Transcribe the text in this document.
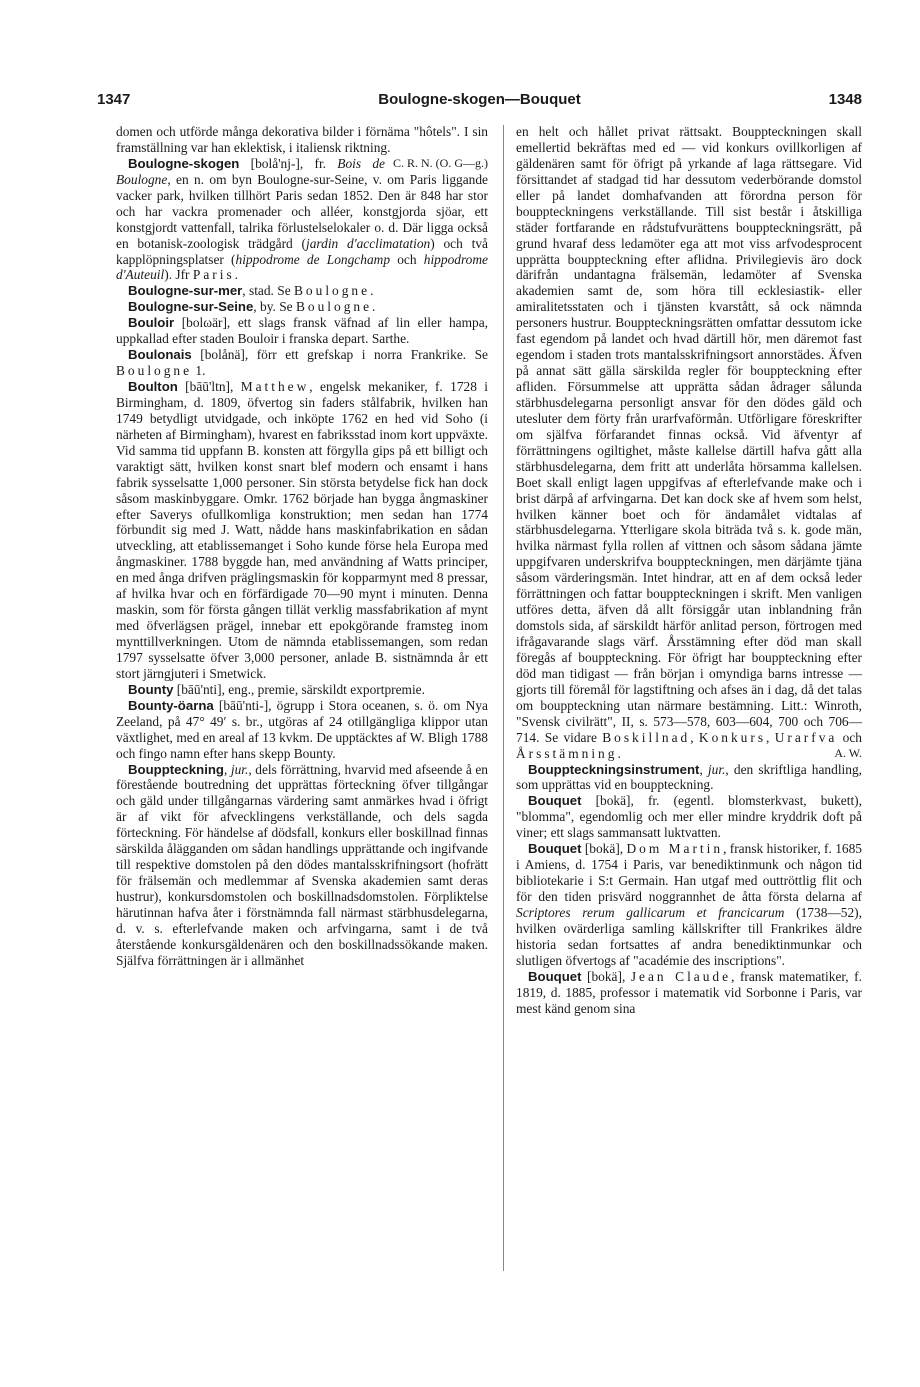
1347	Boulogne-skogen—Bouquet	1348

domen och utförde många dekorativa bilder i förnäma "hôtels". I sin framställning var han eklektisk, i italiensk riktning.
C. R. N. (O. G—g.)

Boulogne-skogen [bolå'nj-], fr. Bois de Boulogne, en n. om byn Boulogne-sur-Seine, v. om Paris liggande vacker park, hvilken tillhört Paris sedan 1852. Den är 848 har stor och har vackra promenader och alléer, konstgjorda sjöar, ett konstgjordt vattenfall, talrika förlustelselokaler o. d. Där ligga också en botanisk-zoologisk trädgård (jardin d'acclimatation) och två kapplöpningsplatser (hippodrome de Longchamp och hippodrome d'Auteuil). Jfr Paris.

Boulogne-sur-mer, stad. Se Boulogne.

Boulogne-sur-Seine, by. Se Boulogne.

Bouloir [bolωär], ett slags fransk väfnad af lin eller hampa, uppkallad efter staden Bouloir i franska depart. Sarthe.

Boulonais [bolånä], förr ett grefskap i norra Frankrike. Se Boulogne 1.

Boulton [bāū'ltn], Matthew, engelsk mekaniker, f. 1728 i Birmingham, d. 1809, öfvertog sin faders stålfabrik, hvilken han 1749 betydligt utvidgade, och inköpte 1762 en hed vid Soho (i närheten af Birmingham), hvarest en fabriksstad inom kort uppväxte. Vid samma tid uppfann B. konsten att förgylla gips på ett billigt och varaktigt sätt, hvilken konst snart blef modern och ensamt i hans fabrik sysselsatte 1,000 personer. Sin största betydelse fick han dock såsom maskinbyggare. Omkr. 1762 började han bygga ångmaskiner efter Saverys ofullkomliga konstruktion; men sedan han 1774 förbundit sig med J. Watt, nådde hans maskinfabrikation en sådan utveckling, att etablissemanget i Soho kunde förse hela Europa med ångmaskiner. 1788 byggde han, med användning af Watts principer, en med ånga drifven präglingsmaskin för kopparmynt med 8 pressar, af hvilka hvar och en förfärdigade 70—90 mynt i minuten. Denna maskin, som för första gången tillät verklig massfabrikation af mynt med öfverlägsen prägel, innebar ett epokgörande framsteg inom mynttillverkningen. Utom de nämnda etablissemangen, som redan 1797 sysselsatte öfver 3,000 personer, anlade B. sistnämnda år ett stort järngjuteri i Smetwick.

Bounty [bāū'nti], eng., premie, särskildt exportpremie.

Bounty-öarna [bāū'nti-], ögrupp i Stora oceanen, s. ö. om Nya Zeeland, på 47° 49′ s. br., utgöras af 24 otillgängliga klippor utan växtlighet, med en areal af 13 kvkm. De upptäcktes af W. Bligh 1788 och fingo namn efter hans skepp Bounty.

Bouppteckning, jur., dels förrättning, hvarvid med afseende å en förestående boutredning det upprättas förteckning öfver tillgångar och gäld under tillgångarnas värdering samt anmärkes hvad i öfrigt är af vikt för afvecklingens verkställande, och dels sagda förteckning. För händelse af dödsfall, konkurs eller boskillnad finnas särskilda ålägganden om sådan handlings upprättande och ingifvande till respektive domstolen på den dödes mantalsskrifningsort (hofrätt för frälsemän och medlemmar af Svenska akademien samt deras hustrur), konkursdomstolen och boskillnadsdomstolen. Förpliktelse härutinnan hafva åter i förstnämnda fall närmast stärbhusdelegarna, d. v. s. efterlefvande maken och arfvingarna, samt i de två återstående konkursgäldenären och den boskillnadssökande maken. Själfva förrättningen är i allmänhet

en helt och hållet privat rättsakt. Bouppteckningen skall emellertid bekräftas med ed — vid konkurs ovillkorligen af gäldenären samt för öfrigt på yrkande af laga rättsegare. Vid försittandet af stadgad tid har dessutom vederbörande domstol eller på landet domhafvanden att förordna person för bouppteckningens verkställande. Till sist består i åtskilliga städer fortfarande en rådstufvurättens bouppteckningsrätt, på grund hvaraf dess ledamöter ega att mot viss arfvodesprocent upprätta bouppteckning efter aflidna. Privilegievis äro dock därifrån undantagna frälsemän, ledamöter af Svenska akademien samt de, som höra till ecklesiastik- eller amiralitetsstaten och i tjänsten kvarstått, så ock nämnda personers hustrur. Bouppteckningsrätten omfattar dessutom icke fast egendom på landet och hvad därtill hör, men däremot fast egendom i staden trots mantalsskrifningsort annorstädes. Äfven på annat sätt gälla särskilda regler för bouppteckning efter afliden. Försummelse att upprätta sådan ådrager sålunda stärbhusdelegarna personligt ansvar för den dödes gäld och utesluter dem förty från urarfvaförmån. Utförligare föreskrifter om själfva förfarandet finnas också. Vid äfventyr af förrättningens ogiltighet, måste kallelse därtill hafva gått alla stärbhusdelegarna, dem fritt att underlåta hörsamma kallelsen. Boet skall enligt lagen uppgifvas af efterlefvande make och i brist därpå af arfvingarna. Det kan dock ske af hvem som helst, hvilken känner boet och för ändamålet vidtalas af stärbhusdelegarna. Ytterligare skola biträda två s. k. gode män, hvilka närmast fylla rollen af vittnen och såsom sådana jämte uppgifvaren underskrifva bouppteckningen, men därjämte tjäna såsom värderingsmän. Intet hindrar, att en af dem också leder förrättningen och fattar bouppteckningen i skrift. Men vanligen utföres detta, äfven då allt försiggår utan inblandning från domstols sida, af särskildt härför anlitad person, förtrogen med ifrågavarande slags värf. Årsstämning efter död man skall föregås af bouppteckning. För öfrigt har bouppteckning efter död man tidigast — från början i omyndiga barns intresse — gjorts till föremål för lagstiftning och afses än i dag, då det talas om bouppteckning utan närmare bestämning. Litt.: Winroth, "Svensk civilrätt", II, s. 573—578, 603—604, 700 och 706—714. Se vidare Boskillnad, Konkurs, Urarfva och Årsstämning.	A. W.

Bouppteckningsinstrument, jur., den skriftliga handling, som upprättas vid en bouppteckning.

Bouquet [bokä], fr. (egentl. blomsterkvast, bukett), "blomma", egendomlig och mer eller mindre kryddrik doft på viner; ett slags sammansatt luktvatten.

Bouquet [bokä], Dom Martin, fransk historiker, f. 1685 i Amiens, d. 1754 i Paris, var benediktinmunk och någon tid bibliotekarie i S:t Germain. Han utgaf med outtröttlig flit och för den tiden prisvärd noggrannhet de åtta första delarna af Scriptores rerum gallicarum et francicarum (1738—52), hvilken ovärderliga samling källskrifter till Frankrikes äldre historia sedan fortsattes af andra benediktinmunkar och slutligen öfvertogs af "académie des inscriptions".

Bouquet [bokä], Jean Claude, fransk matematiker, f. 1819, d. 1885, professor i matematik vid Sorbonne i Paris, var mest känd genom sina
